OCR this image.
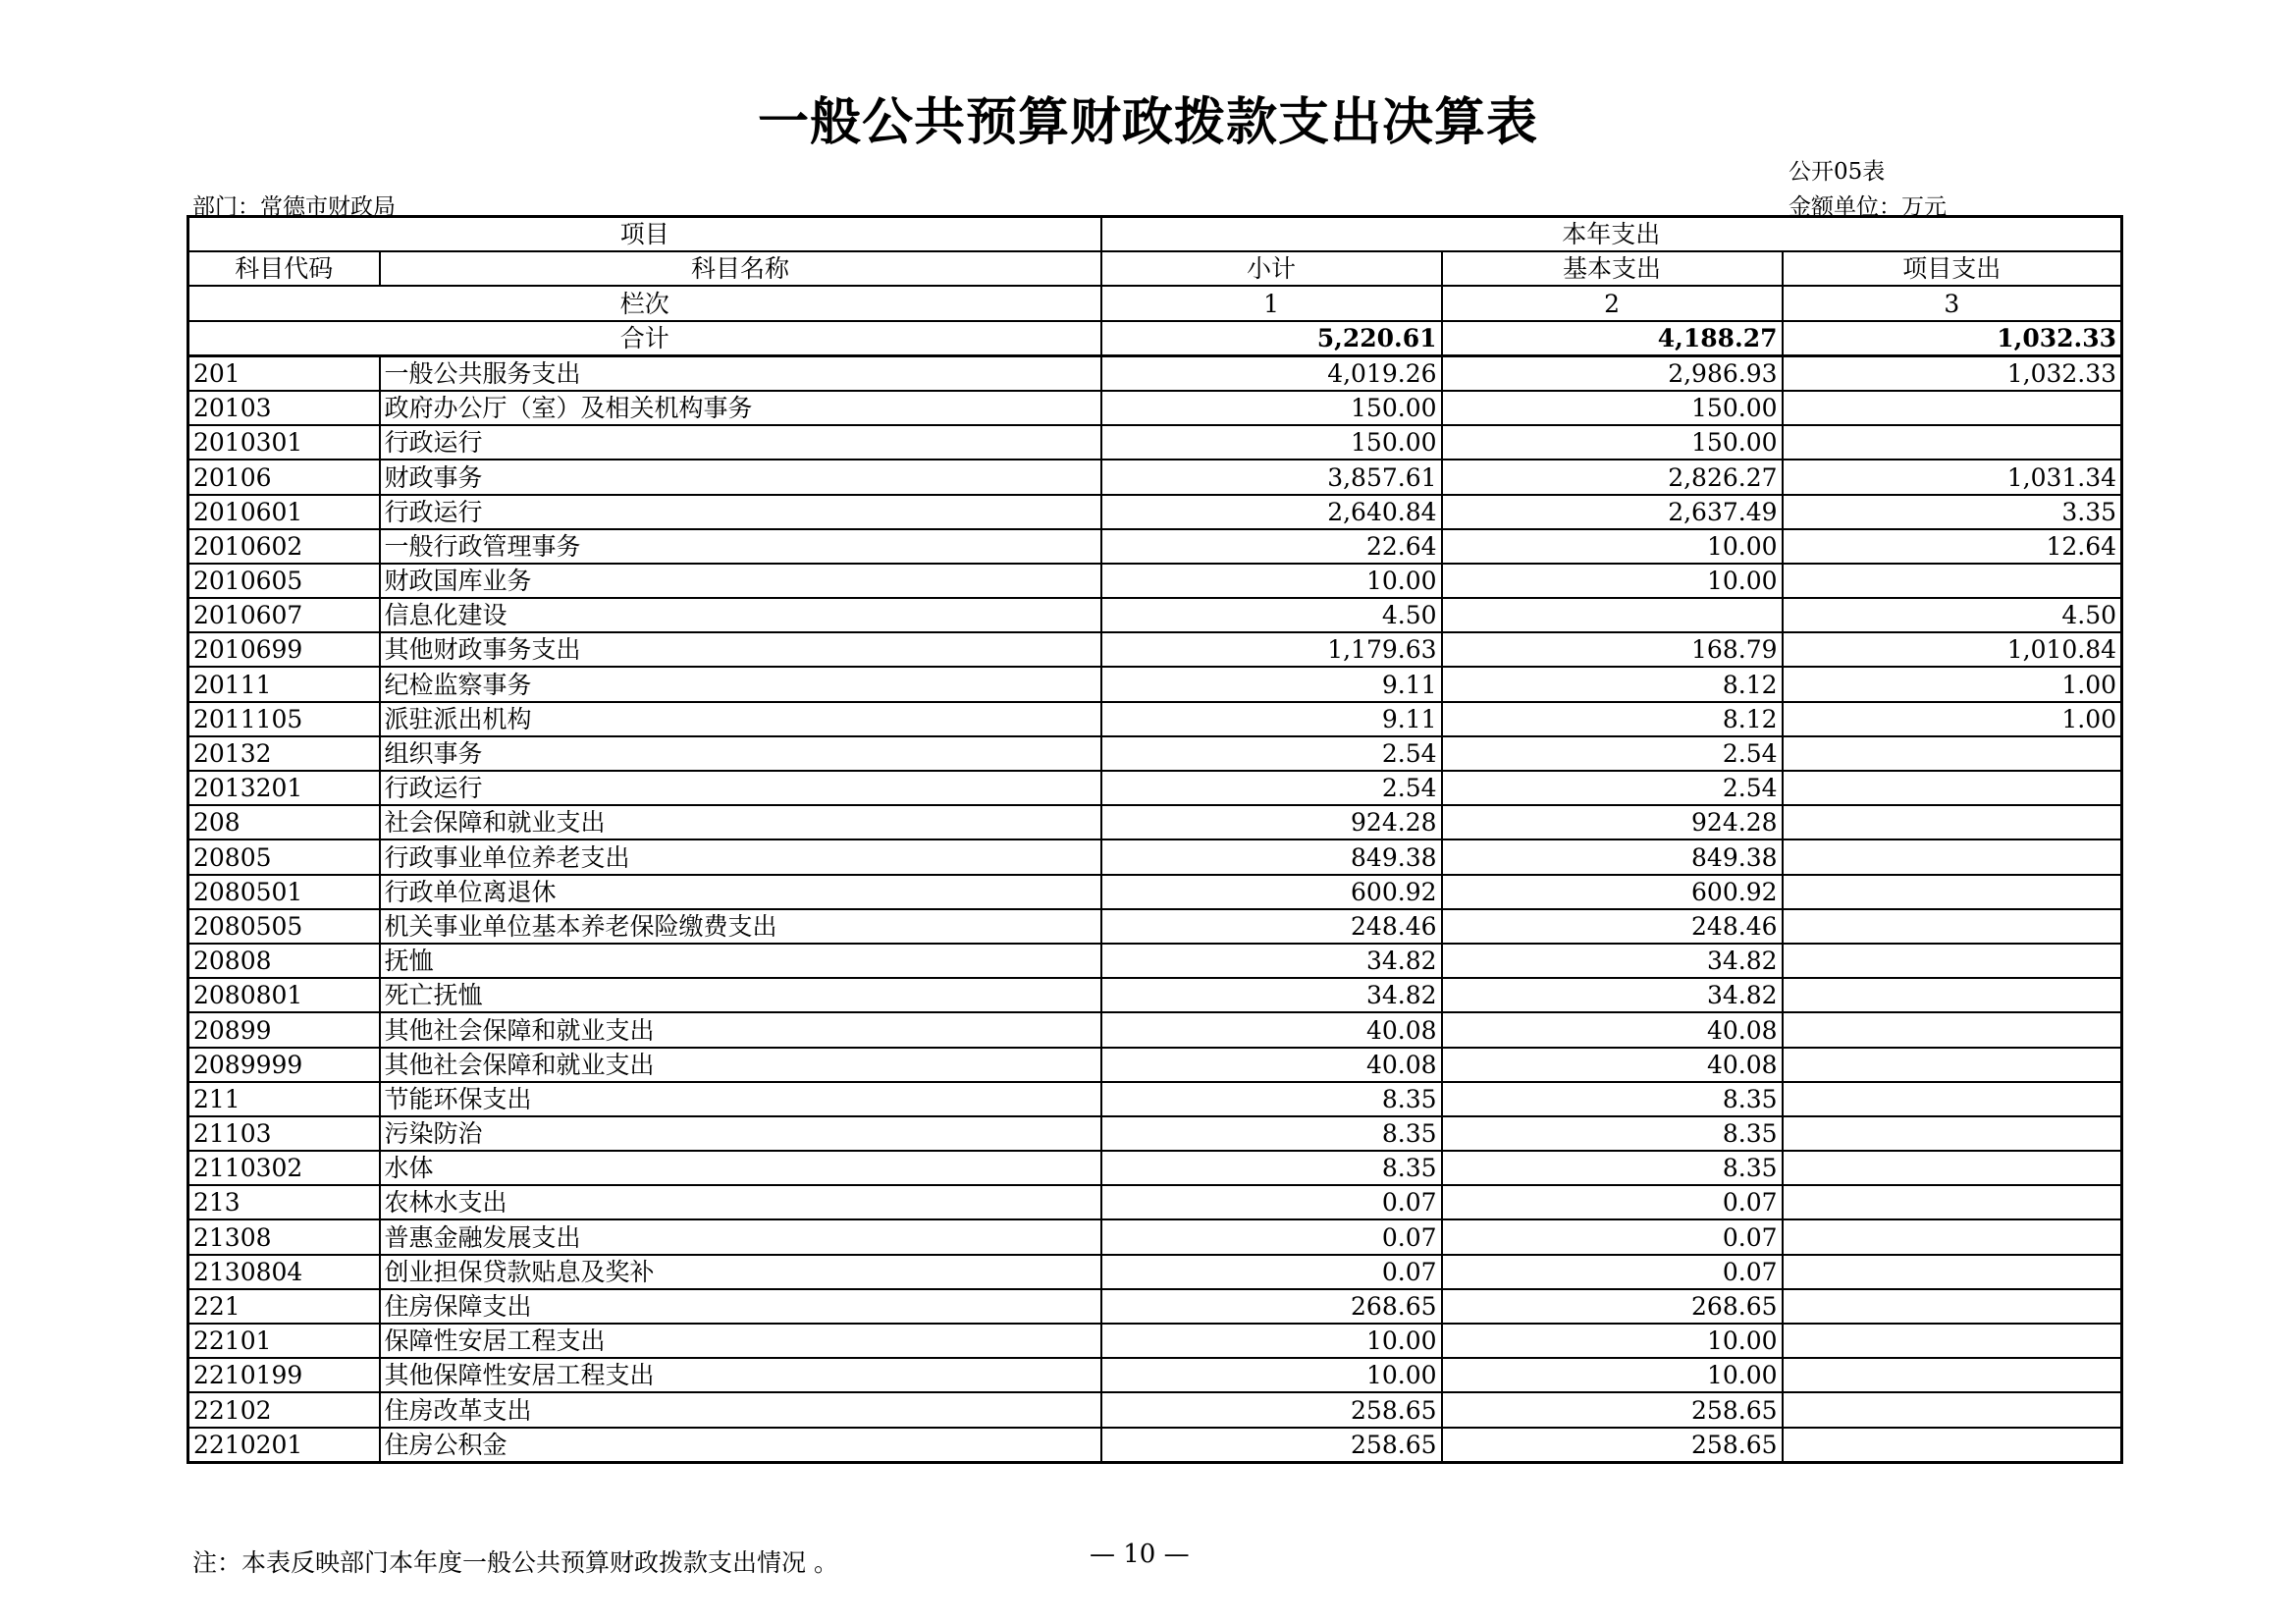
一般公共预算财政拨款支出决算表
公开05表
部门：常德市财政局	金额单位：万元
项目		本年支出		
科目代码	科目名称	小计	基本支出	项目支出
栏次		1	2	3
合计		5,220.61	4,188.27	1,032.33
201	一般公共服务支出	4,019.26	2,986.93	1,032.33
20103	政府办公厅（室）及相关机构事务	150.00	150.00	
2010301	行政运行	150.00	150.00	
20106	财政事务	3,857.61	2,826.27	1,031.34
2010601	行政运行	2,640.84	2,637.49	3.35
2010602	一般行政管理事务	22.64	10.00	12.64
2010605	财政国库业务	10.00	10.00	
2010607	信息化建设	4.50		4.50
2010699	其他财政事务支出	1,179.63	168.79	1,010.84
20111	纪检监察事务	9.11	8.12	1.00
2011105	派驻派出机构	9.11	8.12	1.00
20132	组织事务	2.54	2.54	
2013201	行政运行	2.54	2.54	
208	社会保障和就业支出	924.28	924.28	
20805	行政事业单位养老支出	849.38	849.38	
2080501	行政单位离退休	600.92	600.92	
2080505	机关事业单位基本养老保险缴费支出	248.46	248.46	
20808	抚恤	34.82	34.82	
2080801	死亡抚恤	34.82	34.82	
20899	其他社会保障和就业支出	40.08	40.08	
2089999	其他社会保障和就业支出	40.08	40.08	
211	节能环保支出	8.35	8.35	
21103	污染防治	8.35	8.35	
2110302	水体	8.35	8.35	
213	农林水支出	0.07	0.07	
21308	普惠金融发展支出	0.07	0.07	
2130804	创业担保贷款贴息及奖补	0.07	0.07	
221	住房保障支出	268.65	268.65	
22101	保障性安居工程支出	10.00	10.00	
2210199	其他保障性安居工程支出	10.00	10.00	
22102	住房改革支出	258.65	258.65	
2210201	住房公积金	258.65	258.65	
注：本表反映部门本年度一般公共预算财政拨款支出情况 。	— 10 —
